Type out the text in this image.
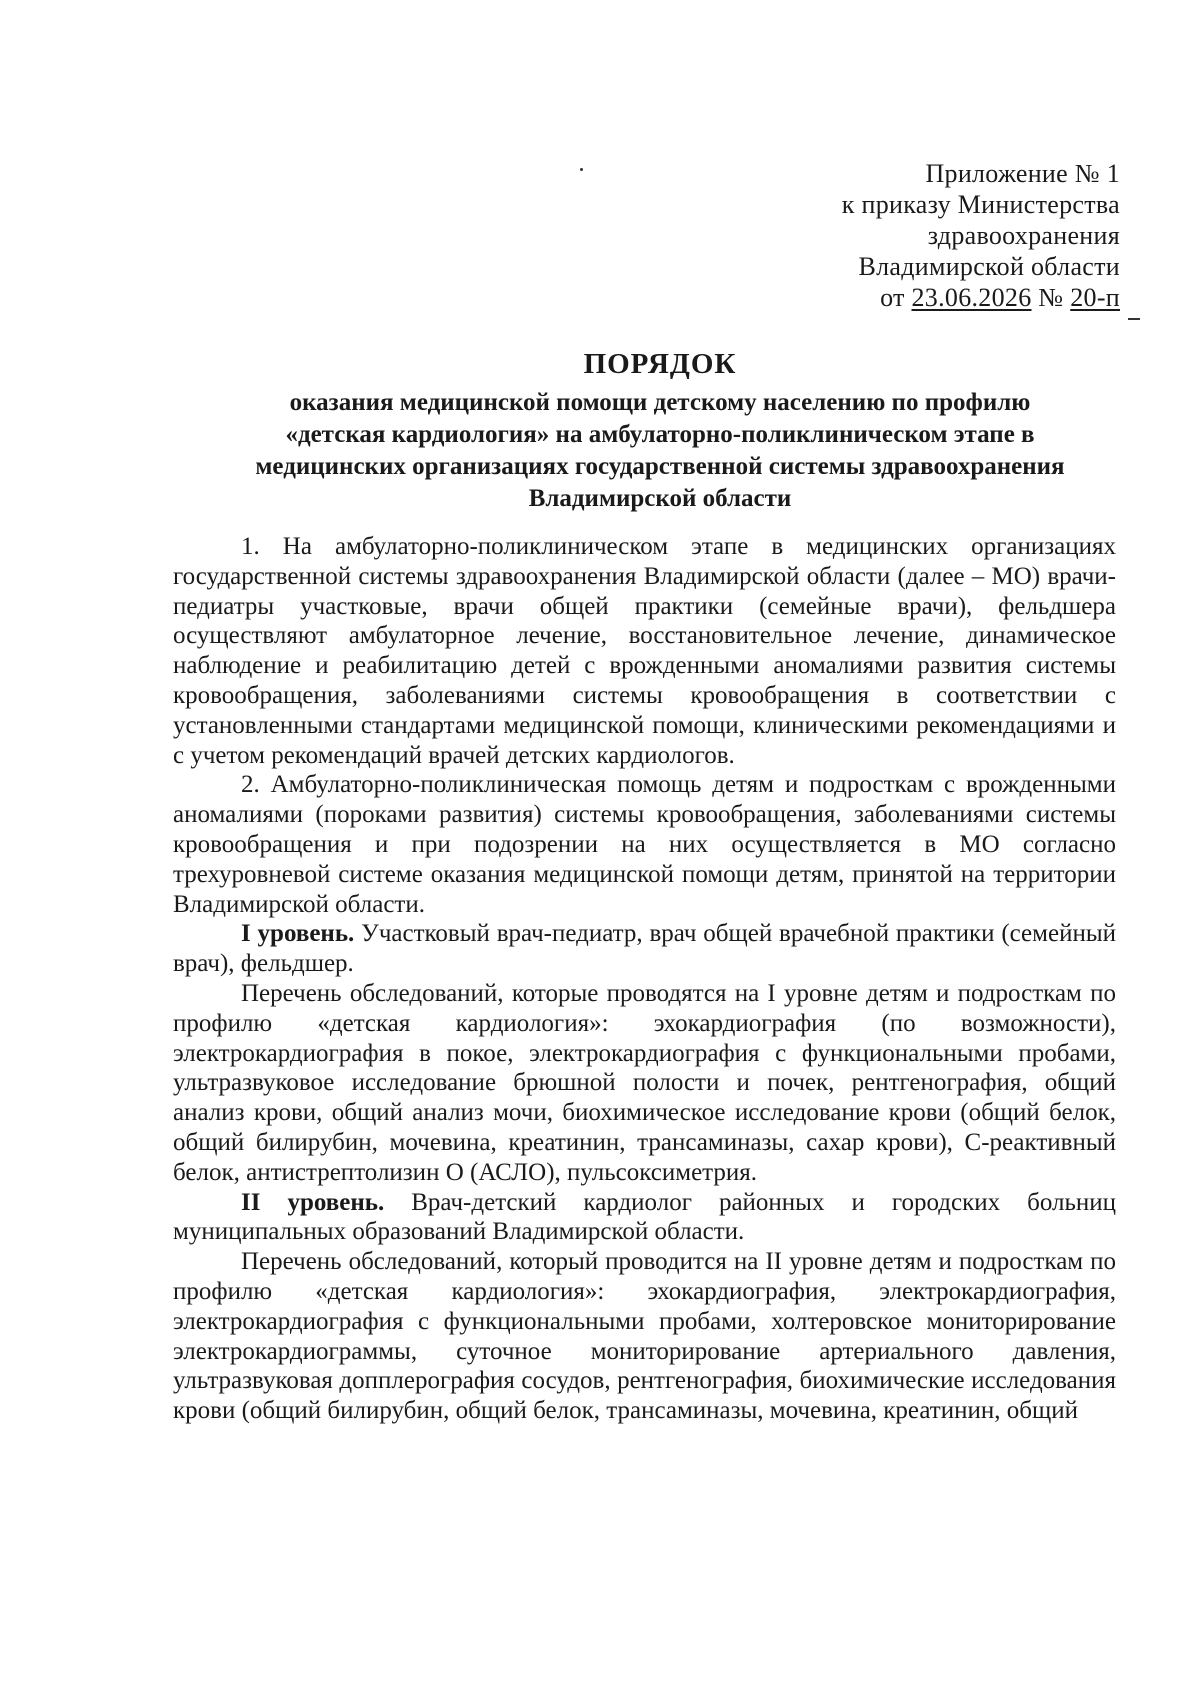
Приложение № 1
к приказу Министерства
здравоохранения
Владимирской области
от 23.06.2026 № 20-п
ПОРЯДОК
оказания медицинской помощи детскому населению по профилю
«детская кардиология» на амбулаторно-поликлиническом этапе в
медицинских организациях государственной системы здравоохранения
Владимирской области

1. На амбулаторно-поликлиническом этапе в медицинских организациях государственной системы здравоохранения Владимирской области (далее – МО) врачи-педиатры участковые, врачи общей практики (семейные врачи), фельдшера осуществляют амбулаторное лечение, восстановительное лечение, динамическое наблюдение и реабилитацию детей с врожденными аномалиями развития системы кровообращения, заболеваниями системы кровообращения в соответствии с установленными стандартами медицинской помощи, клиническими рекомендациями и с учетом рекомендаций врачей детских кардиологов.

2. Амбулаторно-поликлиническая помощь детям и подросткам с врожденными аномалиями (пороками развития) системы кровообращения, заболеваниями системы кровообращения и при подозрении на них осуществляется в МО согласно трехуровневой системе оказания медицинской помощи детям, принятой на территории Владимирской области.

I уровень. Участковый врач-педиатр, врач общей врачебной практики (семейный врач), фельдшер.

Перечень обследований, которые проводятся на I уровне детям и подросткам по профилю «детская кардиология»: эхокардиография (по возможности), электрокардиография в покое, электрокардиография с функциональными пробами, ультразвуковое исследование брюшной полости и почек, рентгенография, общий анализ крови, общий анализ мочи, биохимическое исследование крови (общий белок, общий билирубин, мочевина, креатинин, трансаминазы, сахар крови), С-реактивный белок, антистрептолизин О (АСЛО), пульсоксиметрия.

II уровень. Врач-детский кардиолог районных и городских больниц муниципальных образований Владимирской области.

Перечень обследований, который проводится на II уровне детям и подросткам по профилю «детская кардиология»: эхокардиография, электрокардиография, электрокардиография с функциональными пробами, холтеровское мониторирование электрокардиограммы, суточное мониторирование артериального давления, ультразвуковая допплерография сосудов, рентгенография, биохимические исследования крови (общий билирубин, общий белок, трансаминазы, мочевина, креатинин, общий
